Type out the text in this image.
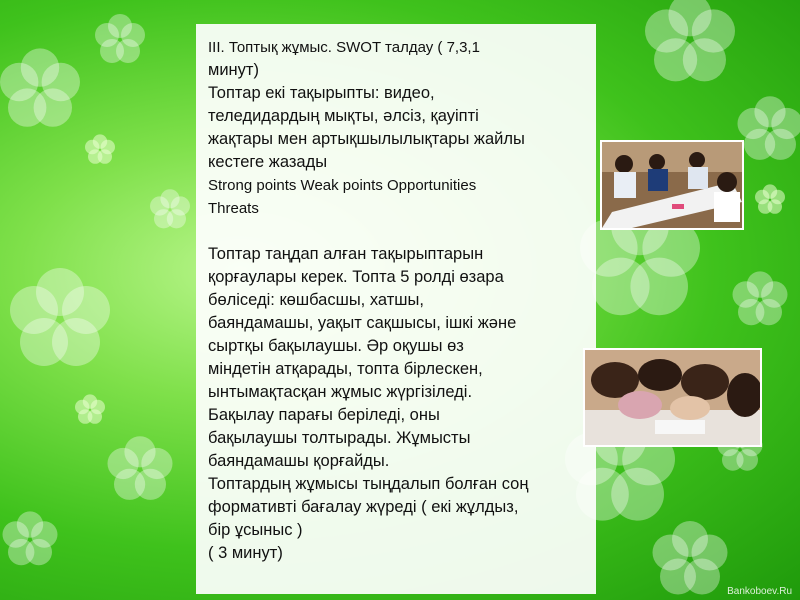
III. Топтық жұмыс. SWOT талдау ( 7,3,1
минут)
Топтар екі тақырыпты: видео,
теледидардың мықты, әлсіз, қауіпті
жақтары мен артықшылылықтары жайлы
кестеге жазады
Strong points Weak points Opportunities
Threats
Топтар таңдап алған тақырыптарын
қорғаулары керек. Топта 5 ролді өзара
бөліседі: көшбасшы, хатшы,
баяндамашы, уақыт сақшысы, ішкі және
сыртқы бақылаушы. Әр оқушы өз
міндетін атқарады, топта бірлескен,
ынтымақтасқан жұмыс жүргізіледі.
Бақылау парағы беріледі, оны
бақылаушы толтырады. Жұмысты
баяндамашы қорғайды.
Топтардың жұмысы тыңдалып болған соң
формативті бағалау жүреді ( екі жұлдыз,
бір ұсыныс )
( 3 минут)
Bankoboev.Ru
